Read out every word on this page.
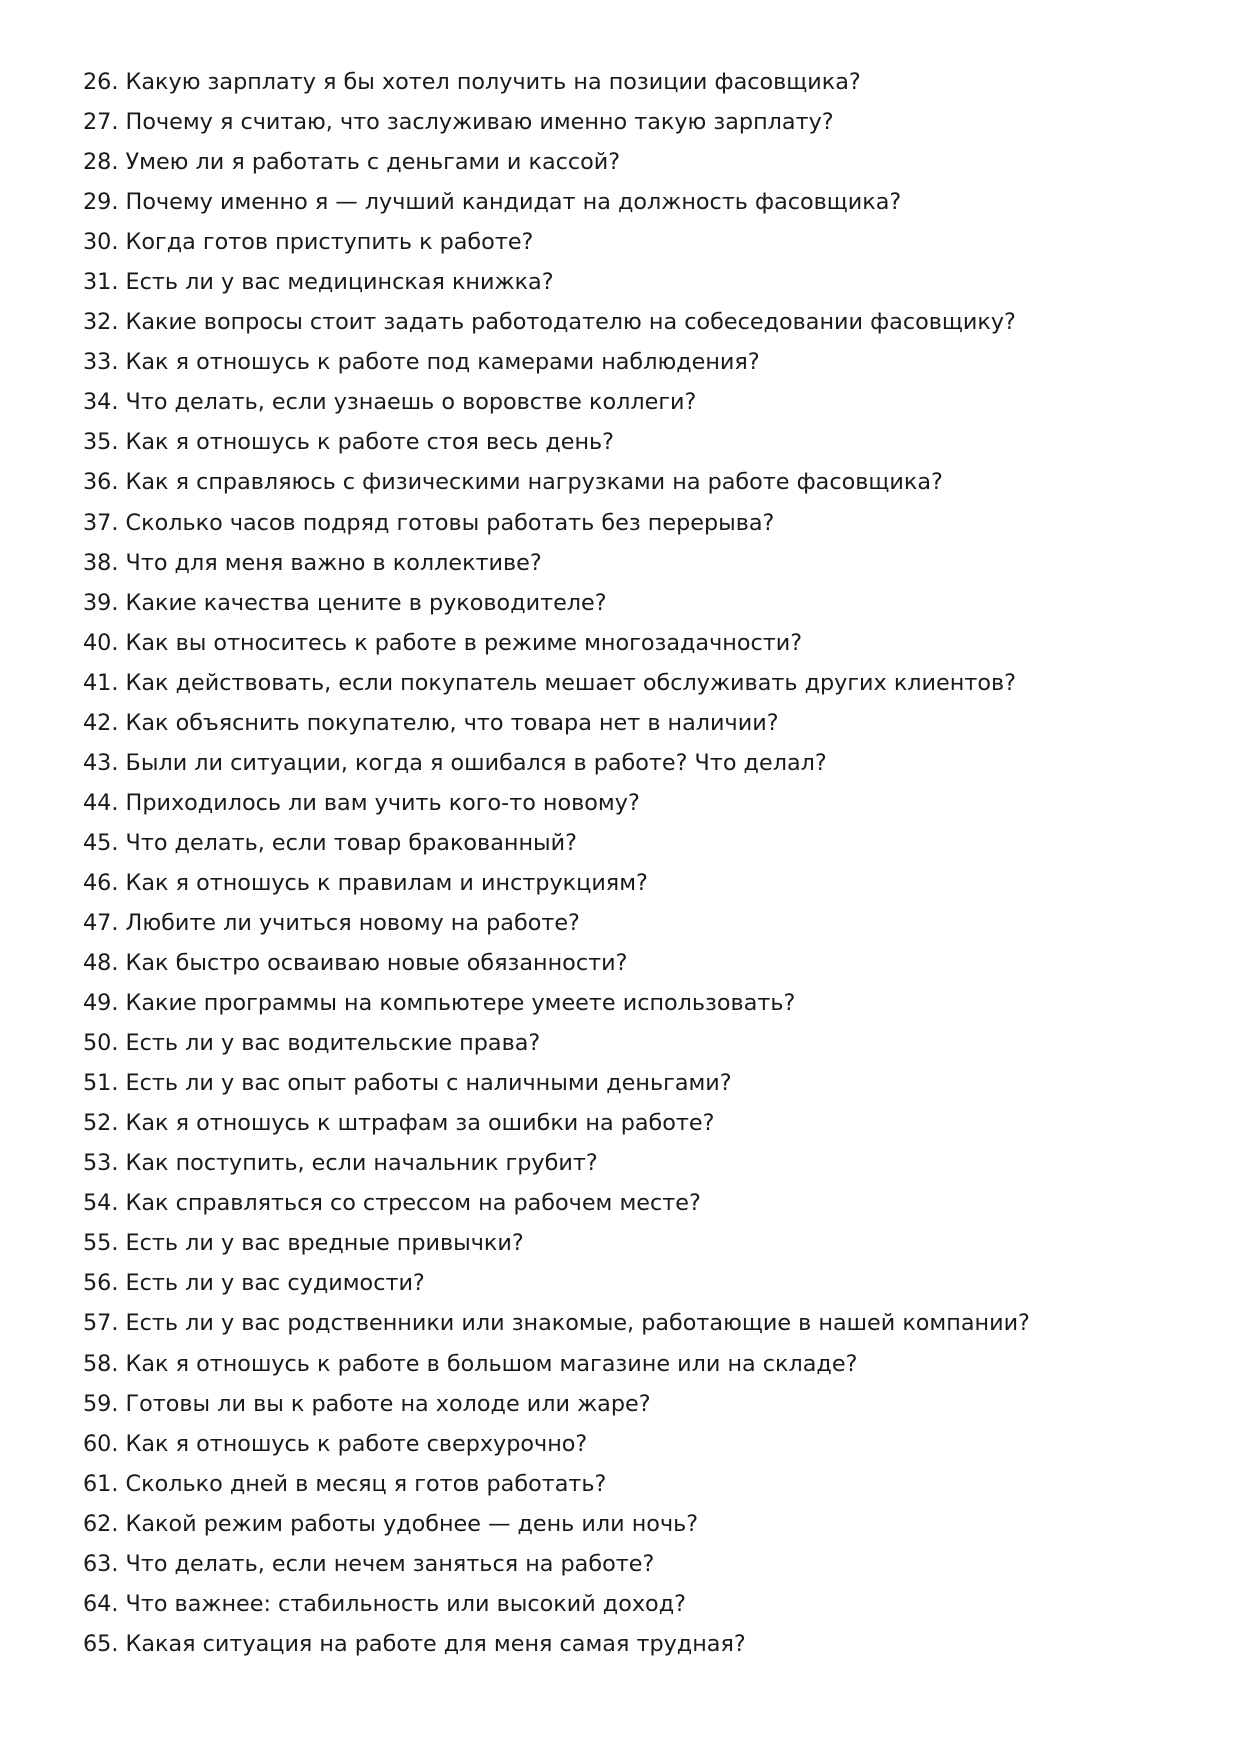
26. Какую зарплату я бы хотел получить на позиции фасовщика?
27. Почему я считаю, что заслуживаю именно такую зарплату?
28. Умею ли я работать с деньгами и кассой?
29. Почему именно я — лучший кандидат на должность фасовщика?
30. Когда готов приступить к работе?
31. Есть ли у вас медицинская книжка?
32. Какие вопросы стоит задать работодателю на собеседовании фасовщику?
33. Как я отношусь к работе под камерами наблюдения?
34. Что делать, если узнаешь о воровстве коллеги?
35. Как я отношусь к работе стоя весь день?
36. Как я справляюсь с физическими нагрузками на работе фасовщика?
37. Сколько часов подряд готовы работать без перерыва?
38. Что для меня важно в коллективе?
39. Какие качества цените в руководителе?
40. Как вы относитесь к работе в режиме многозадачности?
41. Как действовать, если покупатель мешает обслуживать других клиентов?
42. Как объяснить покупателю, что товара нет в наличии?
43. Были ли ситуации, когда я ошибался в работе? Что делал?
44. Приходилось ли вам учить кого-то новому?
45. Что делать, если товар бракованный?
46. Как я отношусь к правилам и инструкциям?
47. Любите ли учиться новому на работе?
48. Как быстро осваиваю новые обязанности?
49. Какие программы на компьютере умеете использовать?
50. Есть ли у вас водительские права?
51. Есть ли у вас опыт работы с наличными деньгами?
52. Как я отношусь к штрафам за ошибки на работе?
53. Как поступить, если начальник грубит?
54. Как справляться со стрессом на рабочем месте?
55. Есть ли у вас вредные привычки?
56. Есть ли у вас судимости?
57. Есть ли у вас родственники или знакомые, работающие в нашей компании?
58. Как я отношусь к работе в большом магазине или на складе?
59. Готовы ли вы к работе на холоде или жаре?
60. Как я отношусь к работе сверхурочно?
61. Сколько дней в месяц я готов работать?
62. Какой режим работы удобнее — день или ночь?
63. Что делать, если нечем заняться на работе?
64. Что важнее: стабильность или высокий доход?
65. Какая ситуация на работе для меня самая трудная?
